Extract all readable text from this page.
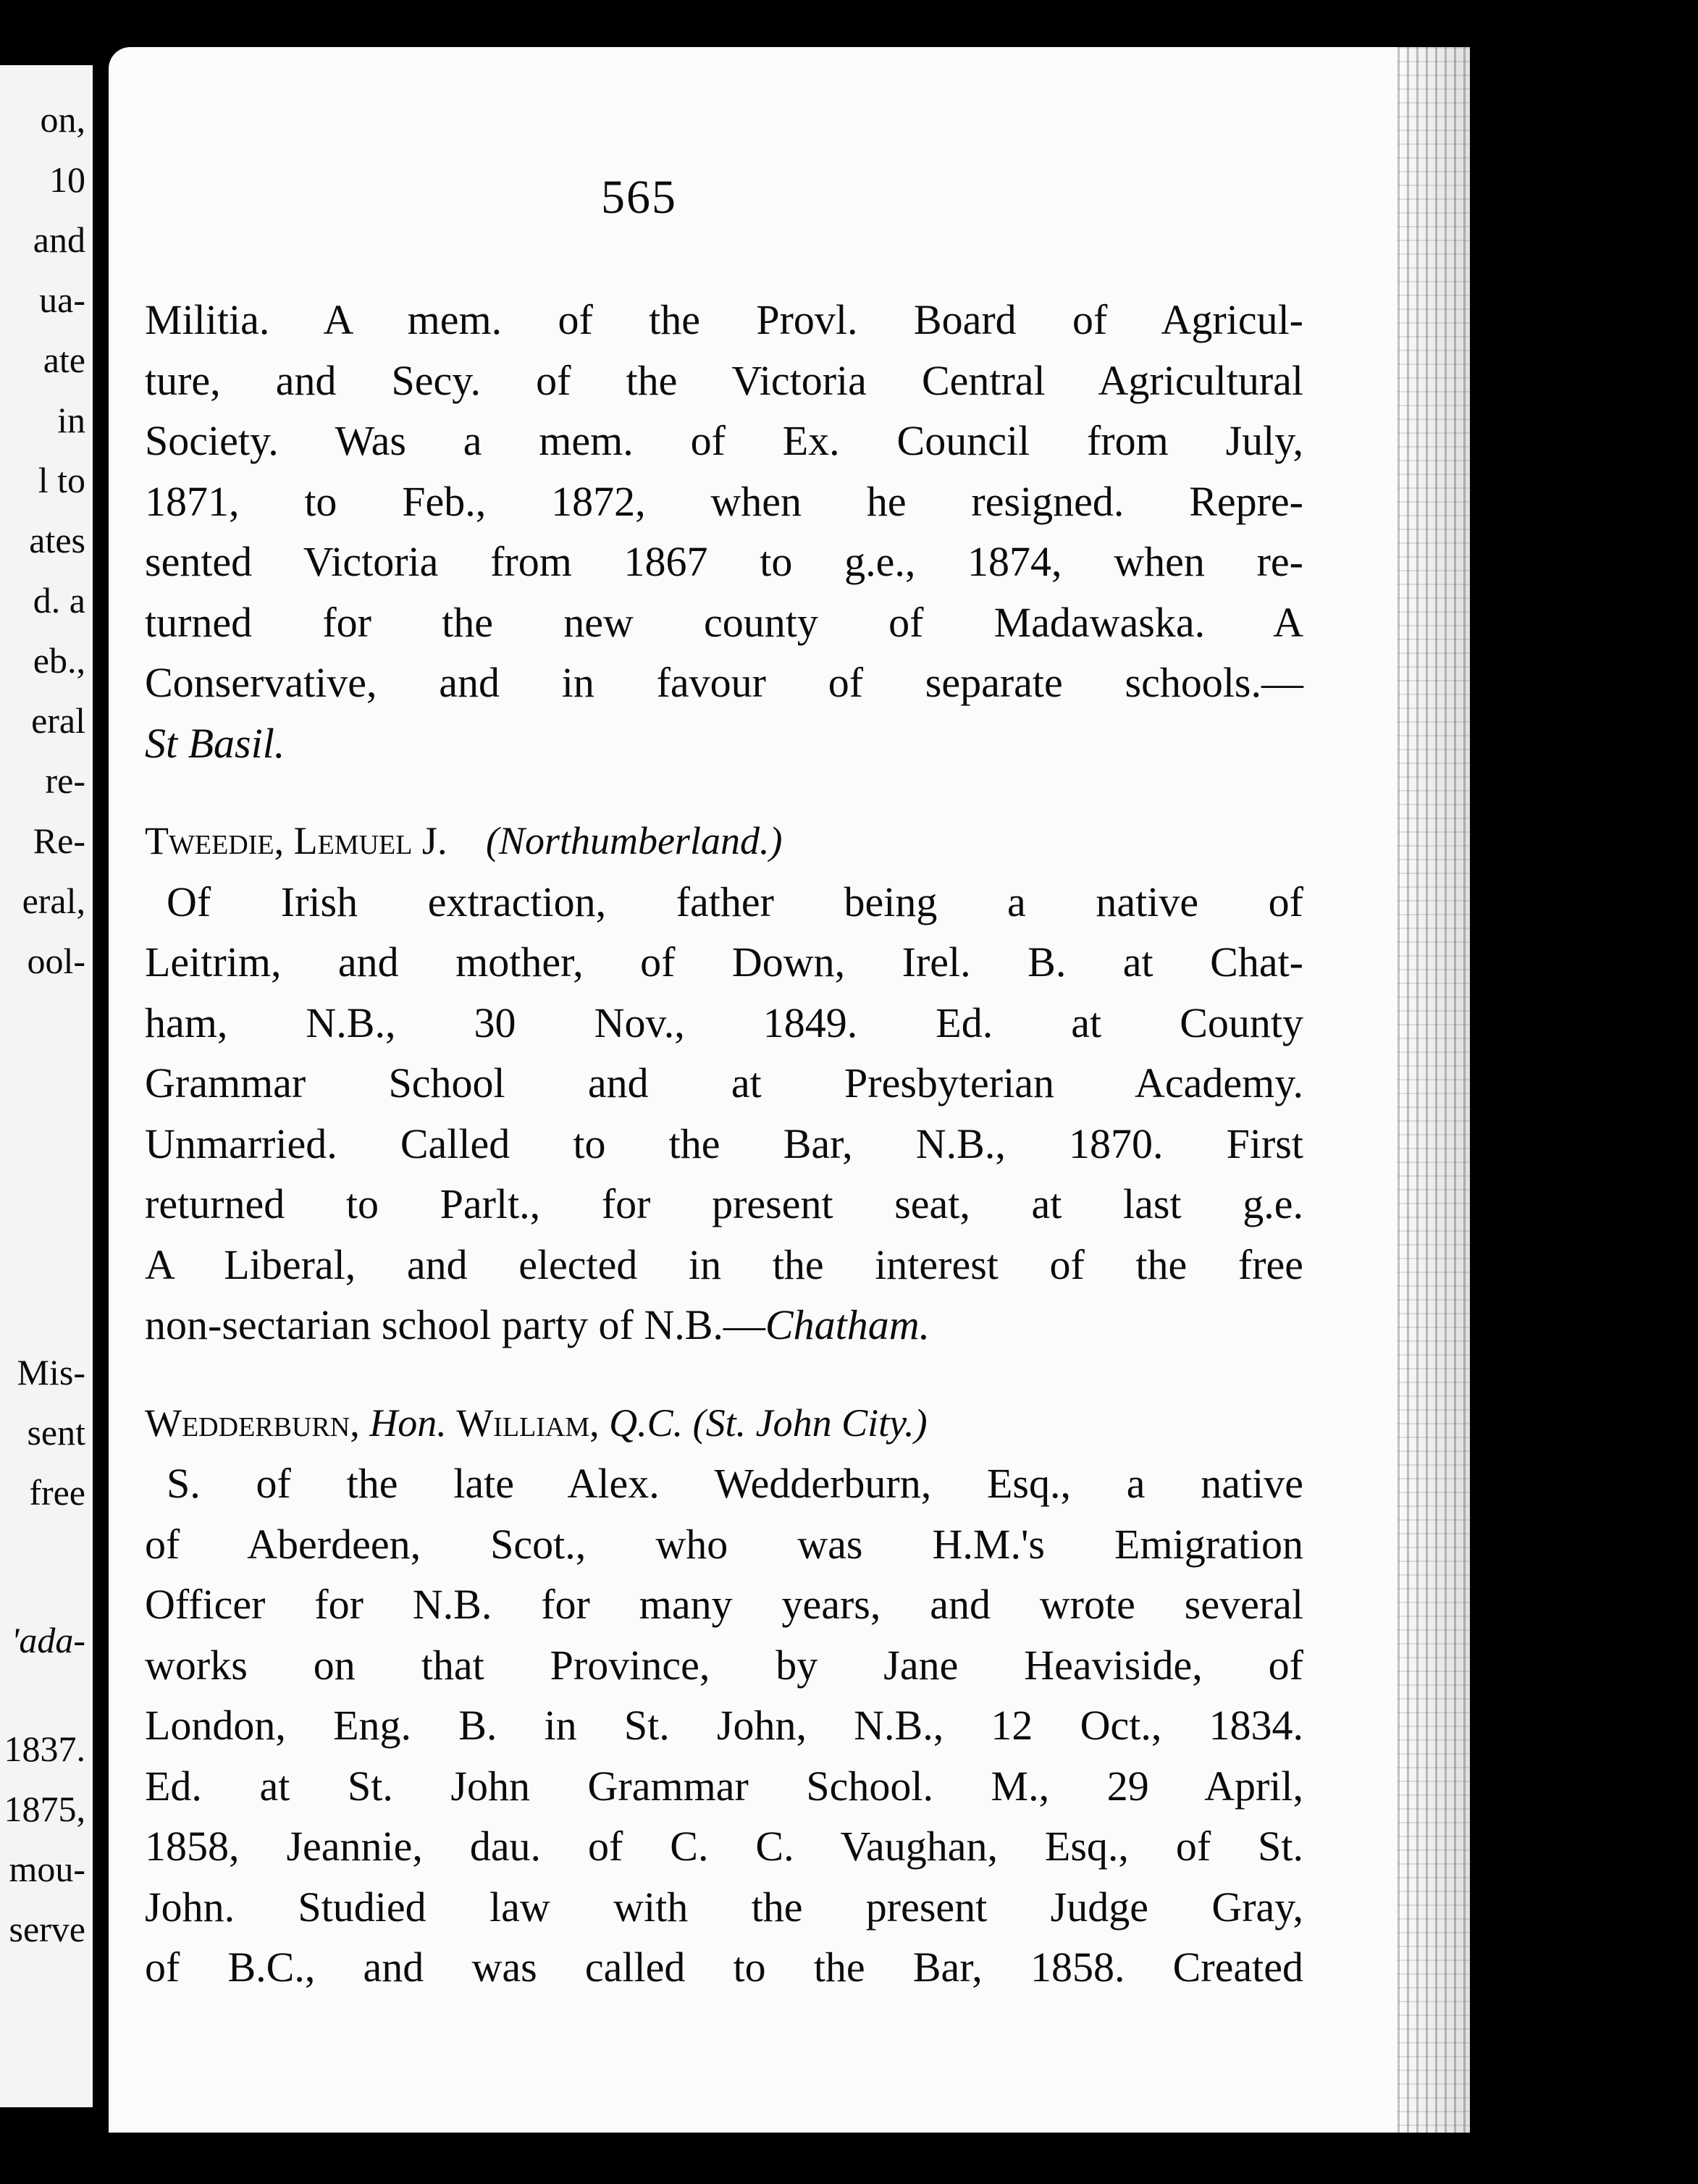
on,
10
and
ua-
ate
in
l to
ates
d. a
eb.,
eral
re-
Re-
eral,
ool-
Mis-
sent
free
'ada-
1837.
1875,
mou-
serve
565
Militia. A mem. of the Provl. Board of Agricul-
ture, and Secy. of the Victoria Central Agricultural
Society. Was a mem. of Ex. Council from July,
1871, to Feb., 1872, when he resigned. Repre-
sented Victoria from 1867 to g.e., 1874, when re-
turned for the new county of Madawaska. A
Conservative, and in favour of separate schools.—
St Basil.
Tweedie, Lemuel J. (Northumberland.)
Of Irish extraction, father being a native of
Leitrim, and mother, of Down, Irel. B. at Chat-
ham, N.B., 30 Nov., 1849. Ed. at County
Grammar School and at Presbyterian Academy.
Unmarried. Called to the Bar, N.B., 1870. First
returned to Parlt., for present seat, at last g.e.
A Liberal, and elected in the interest of the free
non-sectarian school party of N.B.—Chatham.
Wedderburn, Hon. William, Q.C. (St. John City.)
S. of the late Alex. Wedderburn, Esq., a native
of Aberdeen, Scot., who was H.M.'s Emigration
Officer for N.B. for many years, and wrote several
works on that Province, by Jane Heaviside, of
London, Eng. B. in St. John, N.B., 12 Oct., 1834.
Ed. at St. John Grammar School. M., 29 April,
1858, Jeannie, dau. of C. C. Vaughan, Esq., of St.
John. Studied law with the present Judge Gray,
of B.C., and was called to the Bar, 1858. Created
